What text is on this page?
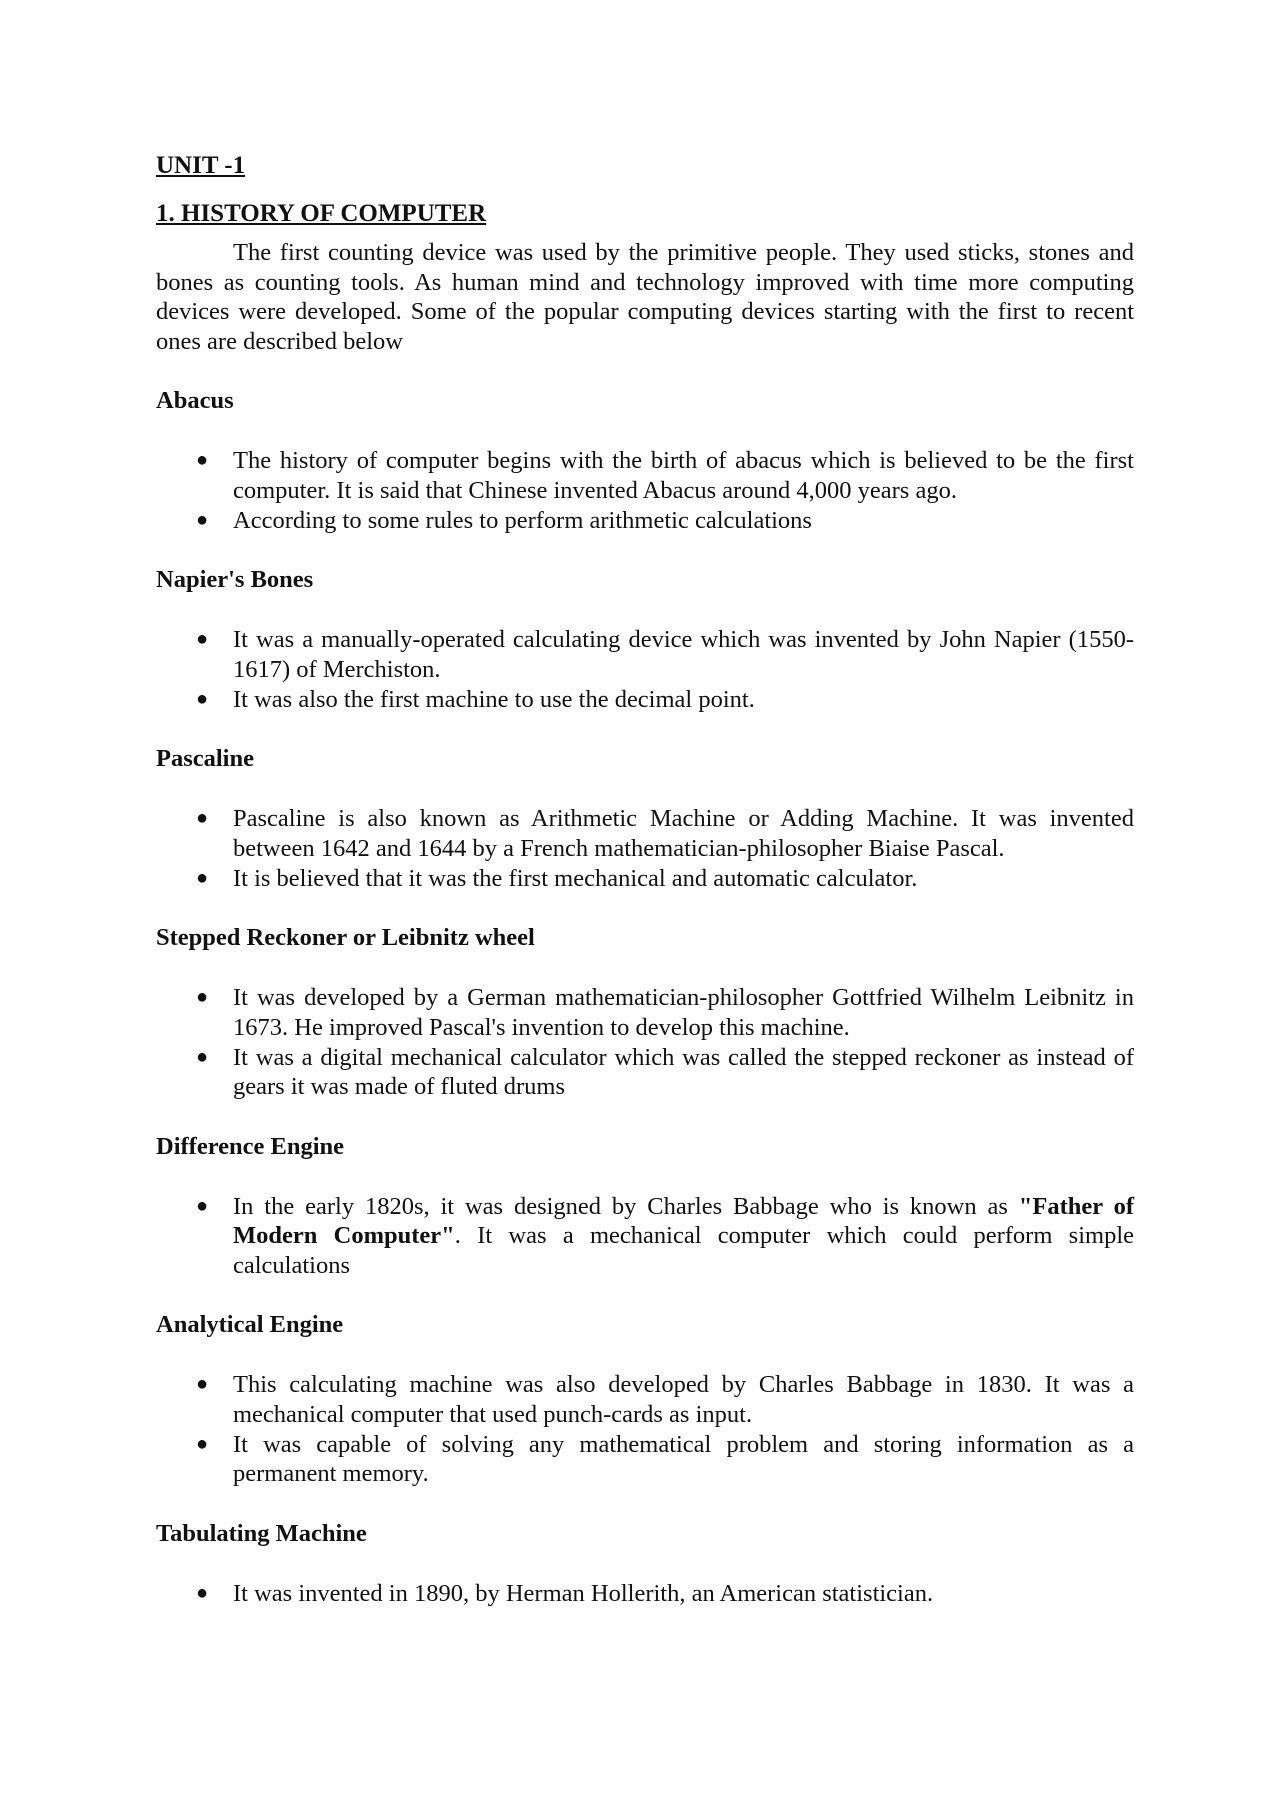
UNIT -1

1. HISTORY OF COMPUTER

The first counting device was used by the primitive people. They used sticks, stones and bones as counting tools. As human mind and technology improved with time more computing devices were developed. Some of the popular computing devices starting with the first to recent ones are described below

Abacus

● The history of computer begins with the birth of abacus which is believed to be the first computer. It is said that Chinese invented Abacus around 4,000 years ago.
● According to some rules to perform arithmetic calculations

Napier's Bones

● It was a manually-operated calculating device which was invented by John Napier (1550-1617) of Merchiston.
● It was also the first machine to use the decimal point.

Pascaline

● Pascaline is also known as Arithmetic Machine or Adding Machine. It was invented between 1642 and 1644 by a French mathematician-philosopher Biaise Pascal.
● It is believed that it was the first mechanical and automatic calculator.

Stepped Reckoner or Leibnitz wheel

● It was developed by a German mathematician-philosopher Gottfried Wilhelm Leibnitz in 1673. He improved Pascal's invention to develop this machine.
● It was a digital mechanical calculator which was called the stepped reckoner as instead of gears it was made of fluted drums

Difference Engine

● In the early 1820s, it was designed by Charles Babbage who is known as "Father of Modern Computer". It was a mechanical computer which could perform simple calculations

Analytical Engine

● This calculating machine was also developed by Charles Babbage in 1830. It was a mechanical computer that used punch-cards as input.
● It was capable of solving any mathematical problem and storing information as a permanent memory.

Tabulating Machine

● It was invented in 1890, by Herman Hollerith, an American statistician.
